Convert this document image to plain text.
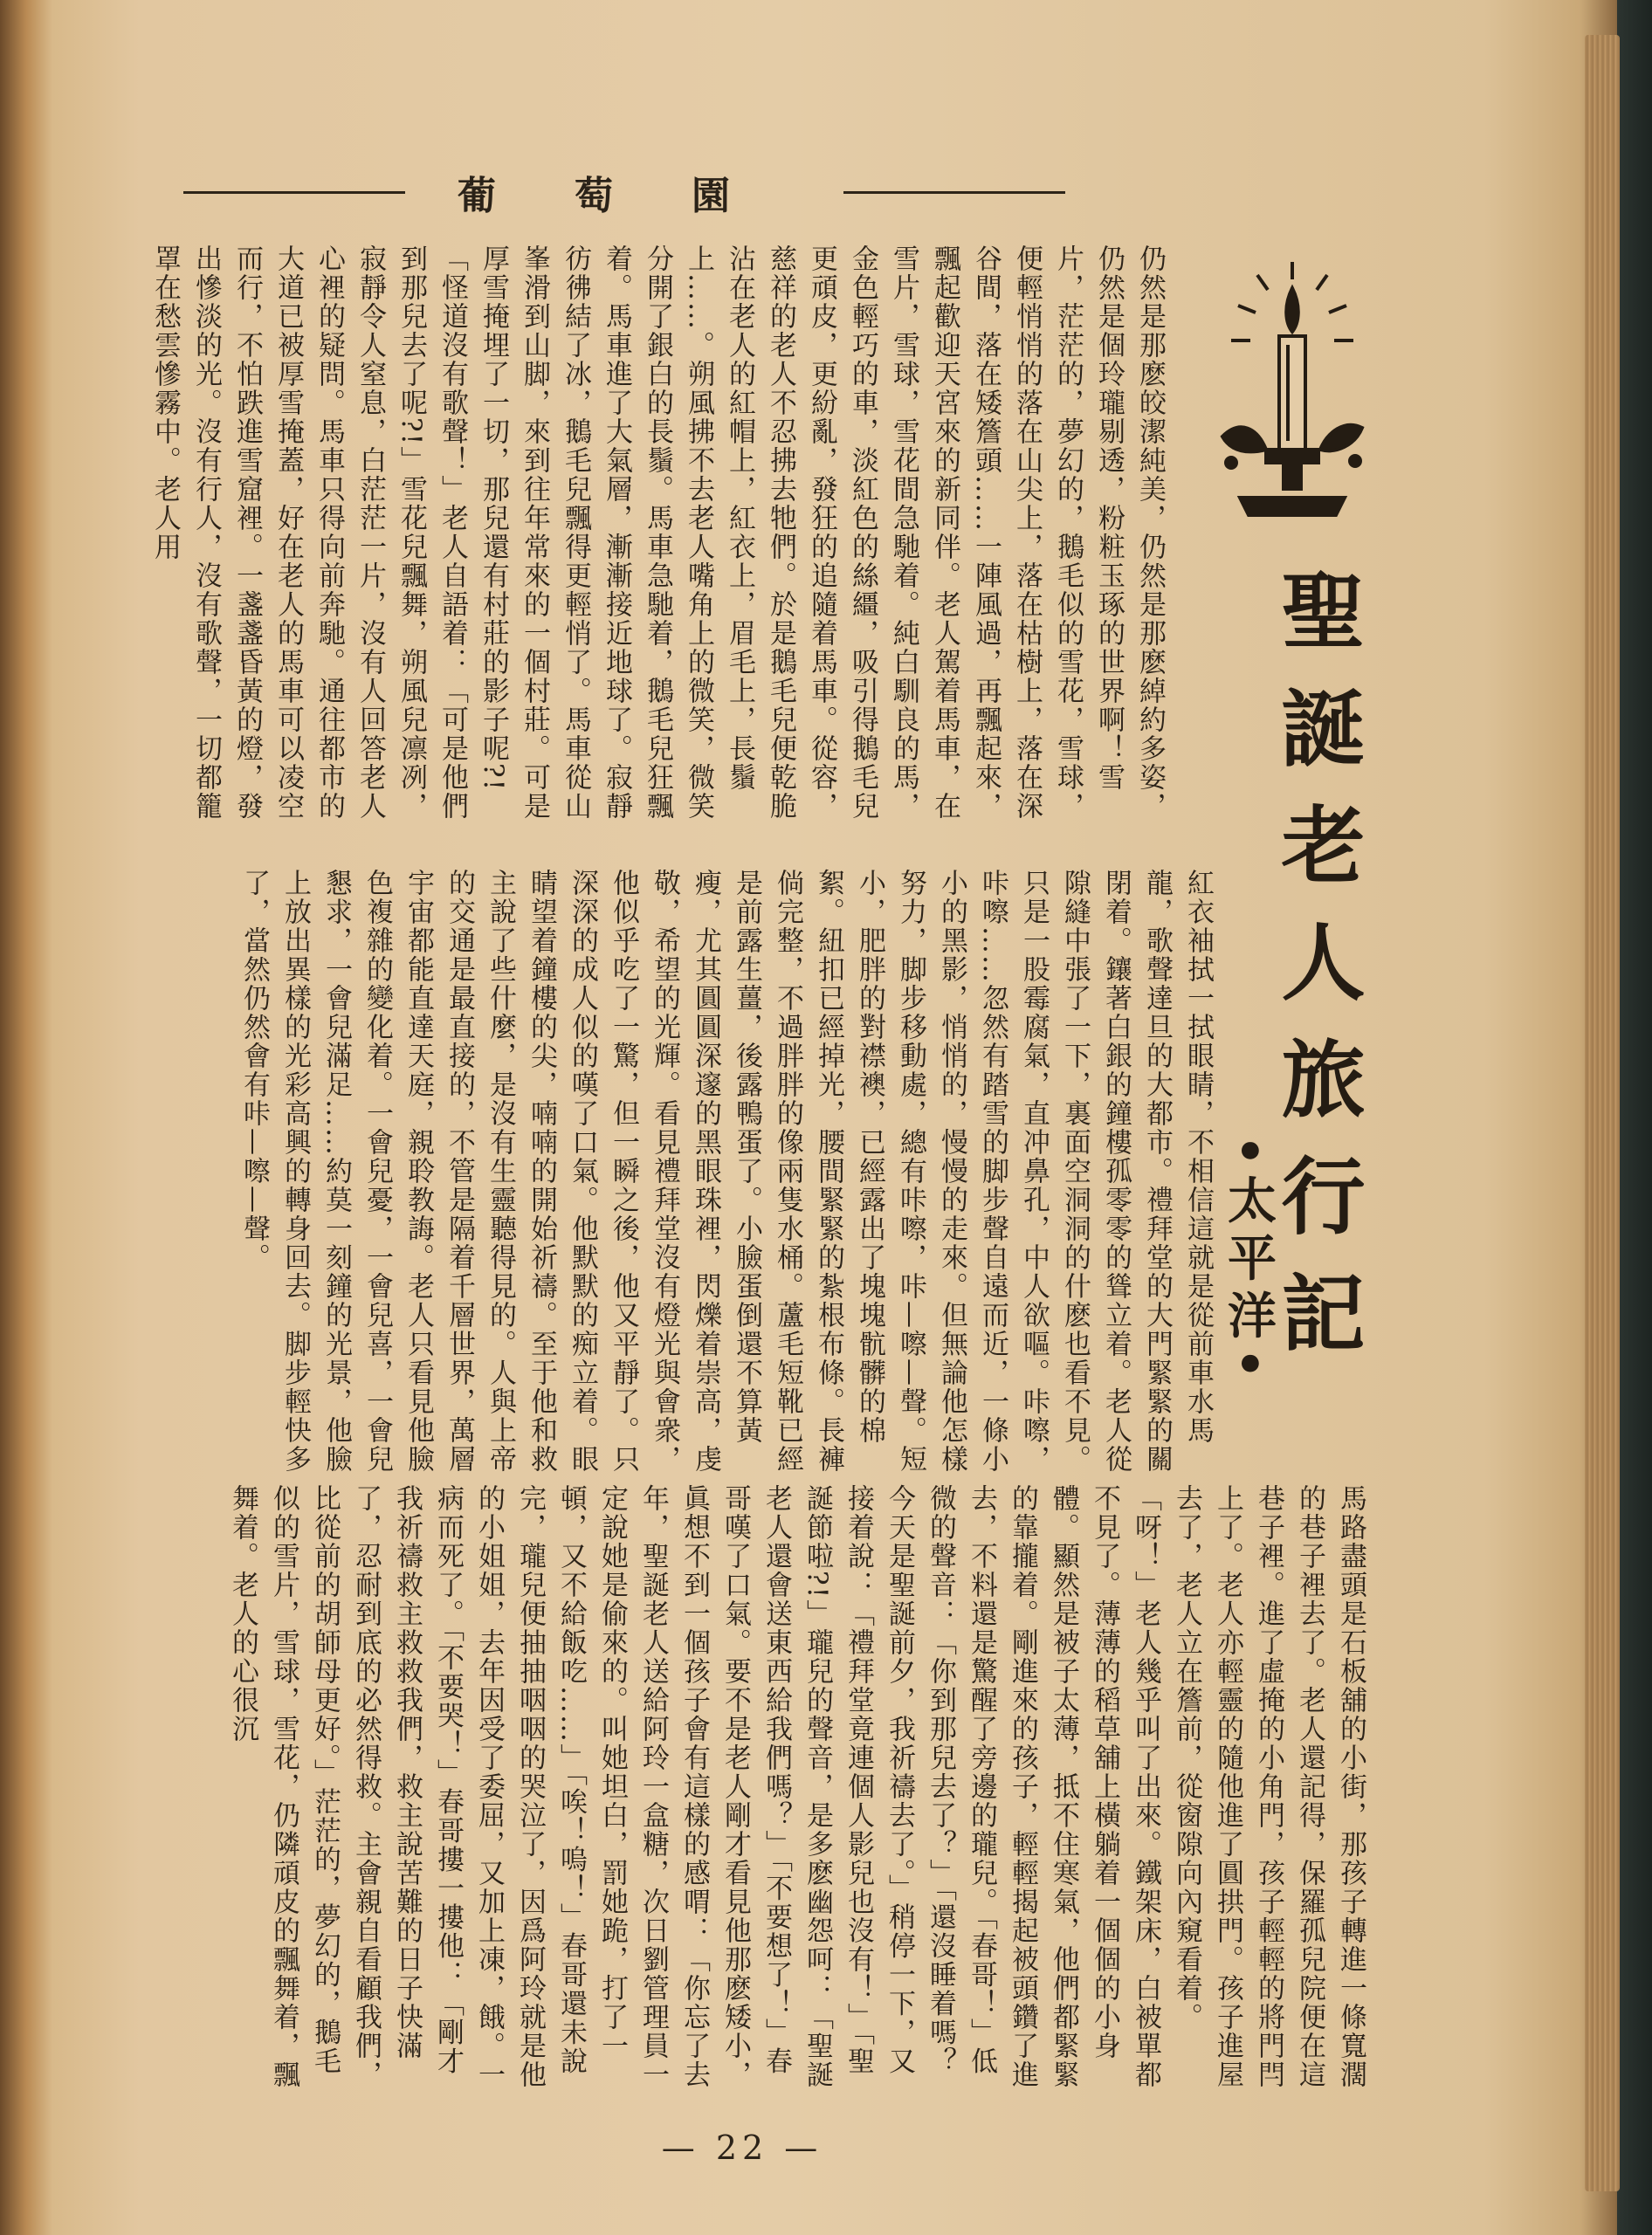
葡萄園
聖誕老人旅行記
•太平洋•
仍然是那麽皎潔純美，仍然是那麽綽約多姿，仍然是個玲瓏剔透，粉粧玉琢的世界啊！雪片，茫茫的，夢幻的，鵝毛似的雪花，雪球，便輕悄悄的落在山尖上，落在枯樹上，落在深谷間，落在矮簷頭……一陣風過，再飄起來，飄起歡迎天宮來的新同伴。老人駕着馬車，在雪片，雪球，雪花間急馳着。純白馴良的馬，金色輕巧的車，淡紅色的絲繮，吸引得鵝毛兒更頑皮，更紛亂，發狂的追隨着馬車。從容，慈祥的老人不忍拂去牠們。於是鵝毛兒便乾脆沾在老人的紅帽上，紅衣上，眉毛上，長鬚上……。朔風拂不去老人嘴角上的微笑，微笑分開了銀白的長鬚。馬車急馳着，鵝毛兒狂飄着。馬車進了大氣層，漸漸接近地球了。寂靜彷彿結了冰，鵝毛兒飄得更輕悄了。馬車從山峯滑到山脚，來到往年常來的一個村莊。可是厚雪掩埋了一切，那兒還有村莊的影子呢?!「怪道沒有歌聲！」老人自語着：「可是他們到那兒去了呢?!」雪花兒飄舞，朔風兒凛冽，寂靜令人窒息，白茫茫一片，沒有人回答老人心裡的疑問。馬車只得向前奔馳。通往都市的大道已被厚雪掩蓋，好在老人的馬車可以凌空而行，不怕跌進雪窟裡。一盞盞昏黃的燈，發出慘淡的光。沒有行人，沒有歌聲，一切都籠罩在愁雲慘霧中。老人用
紅衣袖拭一拭眼睛，不相信這就是從前車水馬龍，歌聲達旦的大都市。禮拜堂的大門緊緊的關閉着。鑲著白銀的鐘樓孤零零的聳立着。老人從隙縫中張了一下，裏面空洞洞的什麽也看不見。只是一股霉腐氣，直冲鼻孔，中人欲嘔。咔嚓，咔嚓……忽然有踏雪的脚步聲自遠而近，一條小小的黑影，悄悄的，慢慢的走來。但無論他怎樣努力，脚步移動處，總有咔嚓，咔—嚓—聲。短小，肥胖的對襟襖，已經露出了塊塊骯髒的棉絮。紐扣已經掉光，腰間緊緊的紮根布條。長褲倘完整，不過胖胖的像兩隻水桶。蘆毛短靴已經是前露生薑，後露鴨蛋了。小臉蛋倒還不算黃瘦，尤其圓圓深邃的黑眼珠裡，閃爍着崇高，虔敬，希望的光輝。看見禮拜堂沒有燈光與會衆，他似乎吃了一驚，但一瞬之後，他又平靜了。只深深的成人似的嘆了口氣。他默默的痴立着。眼睛望着鐘樓的尖，喃喃的開始祈禱。至于他和救主說了些什麼，是沒有生靈聽得見的。人與上帝的交通是最直接的，不管是隔着千層世界，萬層宇宙都能直達天庭，親聆教誨。老人只看見他臉色複雜的變化着。一會兒憂，一會兒喜，一會兒懇求，一會兒滿足……約莫一刻鐘的光景，他臉上放出異樣的光彩高興的轉身回去。脚步輕快多了，當然仍然會有咔—嚓—聲。
馬路盡頭是石板舖的小街，那孩子轉進一條寬濶的巷子裡去了。老人還記得，保羅孤兒院便在這巷子裡。進了虛掩的小角門，孩子輕輕的將門閂上了。老人亦輕靈的隨他進了圓拱門。孩子進屋去了，老人立在簷前，從窗隙向內窺看着。「呀！」老人幾乎叫了出來。鐵架床，白被單都不見了。薄薄的稻草舖上橫躺着一個個的小身體。顯然是被子太薄，抵不住寒氣，他們都緊緊的靠攏着。剛進來的孩子，輕輕揭起被頭鑽了進去，不料還是驚醒了旁邊的瓏兒。「春哥！」低微的聲音：「你到那兒去了？」「還沒睡着嗎？今天是聖誕前夕，我祈禱去了。」稍停一下，又接着說：「禮拜堂竟連個人影兒也沒有！」「聖誕節啦?!」瓏兒的聲音，是多麽幽怨呵：「聖誕老人還會送東西給我們嗎？」「不要想了！」春哥嘆了口氣。要不是老人剛才看見他那麽矮小，眞想不到一個孩子會有這樣的感喟：「你忘了去年，聖誕老人送給阿玲一盒糖，次日劉管理員一定說她是偷來的。叫她坦白，罰她跪，打了一頓，又不給飯吃……」「唉！嗚！」春哥還未說完，瓏兒便抽抽咽咽的哭泣了，因爲阿玲就是他的小姐姐，去年因受了委屈，又加上凍，餓。一病而死了。「不要哭！」春哥摟一摟他：「剛才我祈禱救主救救我們，救主說苦難的日子快滿了，忍耐到底的必然得救。主會親自看顧我們，比從前的胡師母更好。」茫茫的，夢幻的，鵝毛似的雪片，雪球，雪花，仍隣頑皮的飄舞着，飄舞着。老人的心很沉
— 22 —
